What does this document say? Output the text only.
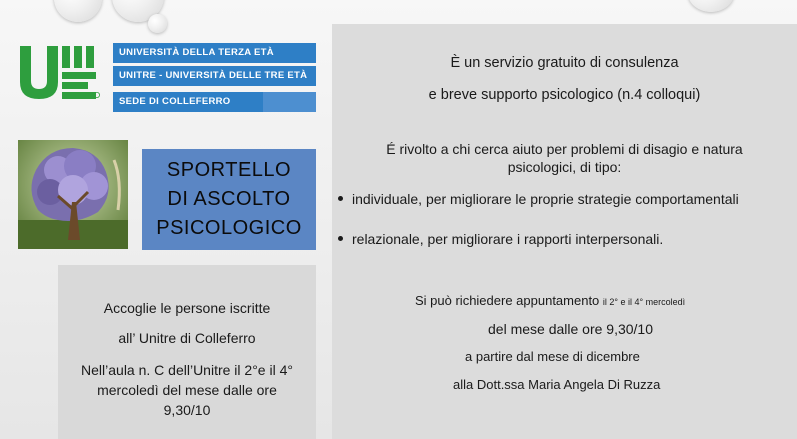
UNIVERSITÀ DELLA TERZA ETÀ
UNITRE - UNIVERSITÀ DELLE TRE ETÀ
SEDE DI COLLEFERRO
SPORTELLO
DI ASCOLTO
PSICOLOGICO
Accoglie le persone iscritte
all’ Unitre di Colleferro
Nell’aula n. C dell’Unitre il 2°e il 4°
mercoledì del mese dalle ore
9,30/10
È un servizio gratuito di consulenza
e breve supporto psicologico (n.4 colloqui)
É rivolto a chi cerca aiuto per problemi di disagio e natura
psicologici, di tipo:
individuale, per migliorare le proprie strategie comportamentali
relazionale, per migliorare i rapporti interpersonali.
Si può richiedere appuntamento il 2° e il 4° mercoledì
del mese dalle ore 9,30/10
a partire dal mese di dicembre
alla Dott.ssa Maria Angela Di Ruzza
